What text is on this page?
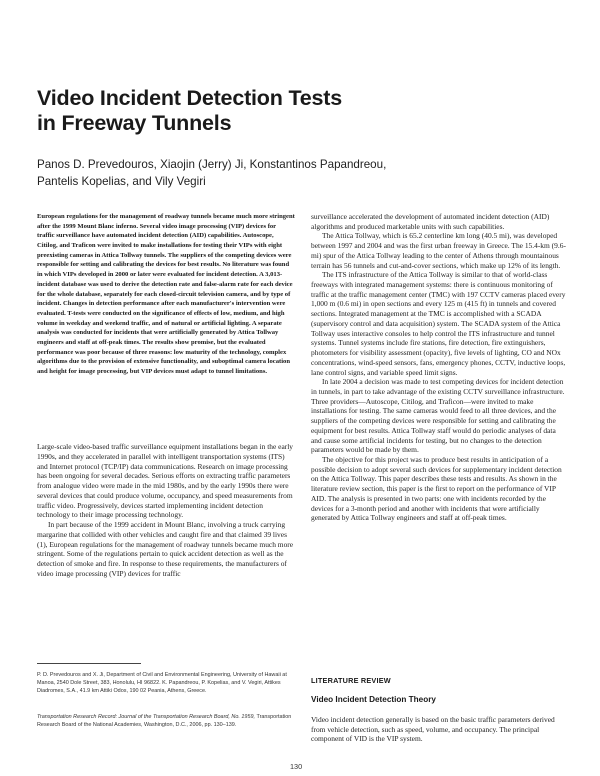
Video Incident Detection Tests
in Freeway Tunnels
Panos D. Prevedouros, Xiaojin (Jerry) Ji, Konstantinos Papandreou,
Pantelis Kopelias, and Vily Vegiri
European regulations for the management of roadway tunnels became much more stringent after the 1999 Mount Blanc inferno. Several video image processing (VIP) devices for traffic surveillance have automated incident detection (AID) capabilities. Autoscope, Citilog, and Traficon were invited to make installations for testing their VIPs with eight preexisting cameras in Attica Tollway tunnels. The suppliers of the competing devices were responsible for setting and calibrating the devices for best results. No literature was found in which VIPs developed in 2000 or later were evaluated for incident detection. A 3,013-incident database was used to derive the detection rate and false-alarm rate for each device for the whole database, separately for each closed-circuit television camera, and by type of incident. Changes in detection performance after each manufacturer's intervention were evaluated. T-tests were conducted on the significance of effects of low, medium, and high volume in weekday and weekend traffic, and of natural or artificial lighting. A separate analysis was conducted for incidents that were artificially generated by Attica Tollway engineers and staff at off-peak times. The results show promise, but the evaluated performance was poor because of three reasons: low maturity of the technology, complex algorithms due to the provision of extensive functionality, and suboptimal camera location and height for image processing, but VIP devices must adapt to tunnel limitations.

Large-scale video-based traffic surveillance equipment installations began in the early 1990s, and they accelerated in parallel with intelligent transportation systems (ITS) and Internet protocol (TCP/IP) data communications. Research on image processing has been ongoing for several decades. Serious efforts on extracting traffic parameters from analogue video were made in the mid 1980s, and by the early 1990s there were several devices that could produce volume, occupancy, and speed measurements from traffic video. Progressively, devices started implementing incident detection technology to their image processing technology.

In part because of the 1999 accident in Mount Blanc, involving a truck carrying margarine that collided with other vehicles and caught fire and that claimed 39 lives (1), European regulations for the management of roadway tunnels became much more stringent. Some of the regulations pertain to quick accident detection as well as the detection of smoke and fire. In response to these requirements, the manufacturers of video image processing (VIP) devices for traffic

P. D. Prevedouros and X. Ji, Department of Civil and Environmental Engineering, University of Hawaii at Manoa, 2540 Dole Street, 383, Honolulu, HI 96822. K. Papandreou, P. Kopelias, and V. Vegiri, Attikes Diadromes, S.A., 41.9 km Attiki Odos, 190 02 Peania, Athens, Greece.
Transportation Research Record: Journal of the Transportation Research Board, No. 1959, Transportation Research Board of the National Academies, Washington, D.C., 2006, pp. 130–139.

surveillance accelerated the development of automated incident detection (AID) algorithms and produced marketable units with such capabilities.

The Attica Tollway, which is 65.2 centerline km long (40.5 mi), was developed between 1997 and 2004 and was the first urban freeway in Greece. The 15.4-km (9.6-mi) spur of the Attica Tollway leading to the center of Athens through mountainous terrain has 56 tunnels and cut-and-cover sections, which make up 12% of its length.

The ITS infrastructure of the Attica Tollway is similar to that of world-class freeways with integrated management systems: there is continuous monitoring of traffic at the traffic management center (TMC) with 197 CCTV cameras placed every 1,000 m (0.6 mi) in open sections and every 125 m (415 ft) in tunnels and covered sections. Integrated management at the TMC is accomplished with a SCADA (supervisory control and data acquisition) system. The SCADA system of the Attica Tollway uses interactive consoles to help control the ITS infrastructure and tunnel systems. Tunnel systems include fire stations, fire detection, fire extinguishers, photometers for visibility assessment (opacity), five levels of lighting, CO and NOx concentrations, wind-speed sensors, fans, emergency phones, CCTV, inductive loops, lane control signs, and variable speed limit signs.

In late 2004 a decision was made to test competing devices for incident detection in tunnels, in part to take advantage of the existing CCTV surveillance infrastructure. Three providers—Autoscope, Citilog, and Traficon—were invited to make installations for testing. The same cameras would feed to all three devices, and the suppliers of the competing devices were responsible for setting and calibrating the equipment for best results. Attica Tollway staff would do periodic analyses of data and cause some artificial incidents for testing, but no changes to the detection parameters would be made by them.

The objective for this project was to produce best results in anticipation of a possible decision to adopt several such devices for supplementary incident detection on the Attica Tollway. This paper describes these tests and results. As shown in the literature review section, this paper is the first to report on the performance of VIP AID. The analysis is presented in two parts: one with incidents recorded by the devices for a 3-month period and another with incidents that were artificially generated by Attica Tollway engineers and staff at off-peak times.

LITERATURE REVIEW
Video Incident Detection Theory
Video incident detection generally is based on the basic traffic parameters derived from vehicle detection, such as speed, volume, and occupancy. The principal component of VID is the VIP system.
130
